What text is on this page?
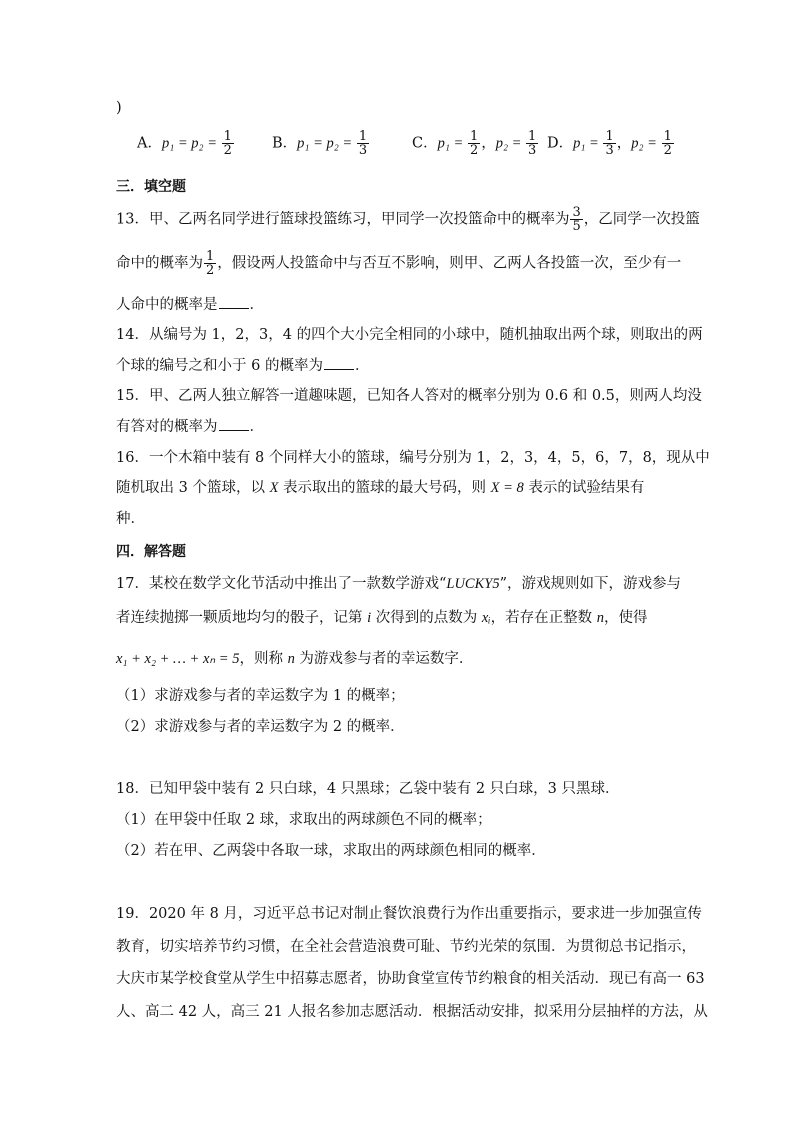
)
A．$p_1 = p_2 = \frac{1}{2}$	B．$p_1 = p_2 = \frac{1}{3}$	C．$p_1 = \frac{1}{2}$ ，$p_2 = \frac{1}{3}$ D．$p_1 = \frac{1}{3}$ ，$p_2 = \frac{1}{2}$
三．填空题
13．甲、乙两名同学进行篮球投篮练习，甲同学一次投篮命中的概率为 $\frac{3}{5}$ ，乙同学一次投篮
命中的概率为 $\frac{1}{2}$ ，假设两人投篮命中与否互不影响，则甲、乙两人各投篮一次，至少有一
人命中的概率是 ．
14．从编号为 1，2，3，4 的四个大小完全相同的小球中，随机抽取出两个球，则取出的两
个球的编号之和小于 6 的概率为 ．
15．甲、乙两人独立解答一道趣味题，已知各人答对的概率分别为 0.6 和 0.5，则两人均没
有答对的概率为 ．
16．一个木箱中装有 8 个同样大小的篮球，编号分别为 1，2，3，4，5，6，7，8，现从中
随机取出 3 个篮球，以 X 表示取出的篮球的最大号码，则 X = 8 表示的试验结果有
种．
四．解答题
17．某校在数学文化节活动中推出了一款数学游戏“LUCKY5”，游戏规则如下，游戏参与
者连续抛掷一颗质地均匀的骰子，记第 i 次得到的点数为 xᵢ，若存在正整数 n，使得
x₁ + x₂ + … + xₙ = 5，则称 n 为游戏参与者的幸运数字．
（1）求游戏参与者的幸运数字为 1 的概率；
（2）求游戏参与者的幸运数字为 2 的概率．
18．已知甲袋中装有 2 只白球，4 只黑球；乙袋中装有 2 只白球，3 只黑球．
（1）在甲袋中任取 2 球，求取出的两球颜色不同的概率；
（2）若在甲、乙两袋中各取一球，求取出的两球颜色相同的概率．
19．2020 年 8 月，习近平总书记对制止餐饮浪费行为作出重要指示，要求进一步加强宣传
教育，切实培养节约习惯，在全社会营造浪费可耻、节约光荣的氛围．为贯彻总书记指示，
大庆市某学校食堂从学生中招募志愿者，协助食堂宣传节约粮食的相关活动．现已有高一 63
人、高二 42 人，高三 21 人报名参加志愿活动．根据活动安排，拟采用分层抽样的方法，从
